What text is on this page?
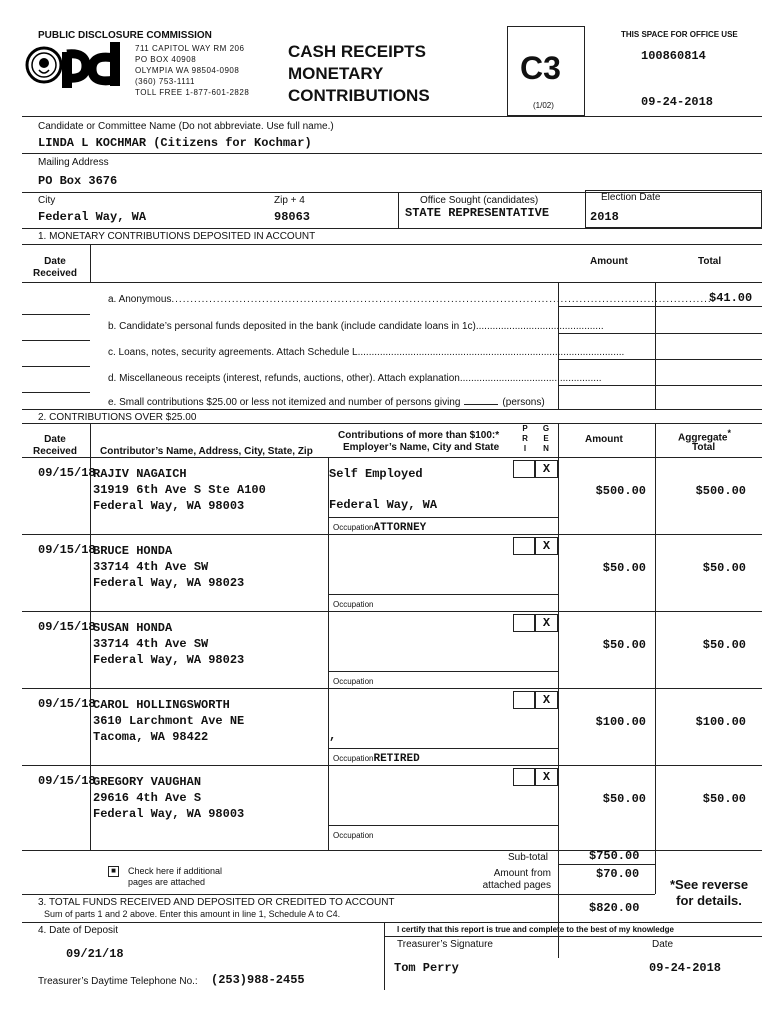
PUBLIC DISCLOSURE COMMISSION
711 CAPITOL WAY RM 206
PO BOX 40908
OLYMPIA WA 98504-0908
(360) 753-1111
TOLL FREE 1-877-601-2828
CASH RECEIPTS
MONETARY
CONTRIBUTIONS
C3
(1/02)
THIS SPACE FOR OFFICE USE
100860814
09-24-2018
Candidate or Committee Name (Do not abbreviate. Use full name.)
LINDA L KOCHMAR (Citizens for Kochmar)
Mailing Address
PO Box 3676
City
Federal Way, WA
Zip + 4
98063
Office Sought (candidates)
STATE REPRESENTATIVE
Election Date
2018
1. MONETARY CONTRIBUTIONS DEPOSITED IN ACCOUNT
Date
Received
Amount	Total
a. Anonymous................................................................................................................................................
$41.00
b. Candidate’s personal funds deposited in the bank (include candidate loans in 1c)..............................................
c. Loans, notes, security agreements. Attach Schedule L................................................................................................
d. Miscellaneous receipts (interest, refunds, auctions, other). Attach explanation...................................................
e. Small contributions $25.00 or less not itemized and number of persons giving	(persons)
2. CONTRIBUTIONS OVER $25.00
Date
Received	Contributor’s Name, Address, City, State, Zip
Contributions of more than $100:*
Employer’s Name, City and State
P
R
I
G
E
N
Amount	Aggregate*
Total
09/15/18
RAJIV NAGAICH
31919 6th Ave S Ste A100
Federal Way, WA 98003
Self Employed
Federal Way, WA
OccupationATTORNEY
X
$500.00	$500.00
09/15/18
BRUCE HONDA
33714 4th Ave SW
Federal Way, WA 98023
Occupation
X
$50.00	$50.00
09/15/18
SUSAN HONDA
33714 4th Ave SW
Federal Way, WA 98023
Occupation
X
$50.00	$50.00
09/15/18
CAROL HOLLINGSWORTH
3610 Larchmont Ave NE
Tacoma, WA 98422	,
OccupationRETIRED
X
$100.00	$100.00
09/15/18
GREGORY VAUGHAN
29616 4th Ave S
Federal Way, WA 98003
Occupation
X
$50.00	$50.00
■	Check here if additional
pages are attached
Sub-total	$750.00
Amount from
attached pages
$70.00
3. TOTAL FUNDS RECEIVED AND DEPOSITED OR CREDITED TO ACCOUNT
Sum of parts 1 and 2 above. Enter this amount in line 1, Schedule A to C4.	$820.00
*See reverse
for details.
4. Date of Deposit
09/21/18
Treasurer’s Daytime Telephone No.: (253)988-2455
I certify that this report is true and complete to the best of my knowledge
Treasurer’s Signature	Date
Tom Perry	09-24-2018
